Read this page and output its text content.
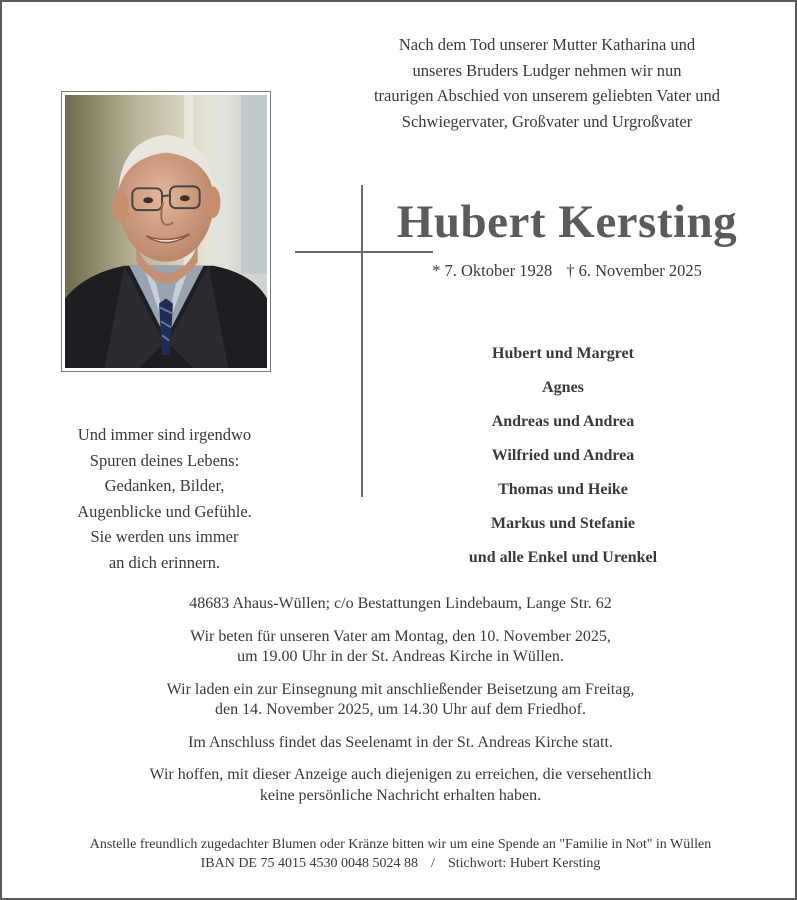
Nach dem Tod unserer Mutter Katharina und
unseres Bruders Ludger nehmen wir nun
traurigen Abschied von unserem geliebten Vater und
Schwiegervater, Großvater und Urgroßvater
Hubert Kersting
* 7. Oktober 1928 † 6. November 2025
Hubert und Margret
Agnes
Andreas und Andrea
Wilfried und Andrea
Thomas und Heike
Markus und Stefanie
und alle Enkel und Urenkel
Und immer sind irgendwo
Spuren deines Lebens:
Gedanken, Bilder,
Augenblicke und Gefühle.
Sie werden uns immer
an dich erinnern.
48683 Ahaus-Wüllen; c/o Bestattungen Lindebaum, Lange Str. 62
Wir beten für unseren Vater am Montag, den 10. November 2025,
um 19.00 Uhr in der St. Andreas Kirche in Wüllen.
Wir laden ein zur Einsegnung mit anschließender Beisetzung am Freitag,
den 14. November 2025, um 14.30 Uhr auf dem Friedhof.
Im Anschluss findet das Seelenamt in der St. Andreas Kirche statt.
Wir hoffen, mit dieser Anzeige auch diejenigen zu erreichen, die versehentlich
keine persönliche Nachricht erhalten haben.
Anstelle freundlich zugedachter Blumen oder Kränze bitten wir um eine Spende an "Familie in Not" in Wüllen
IBAN DE 75 4015 4530 0048 5024 88 / Stichwort: Hubert Kersting
